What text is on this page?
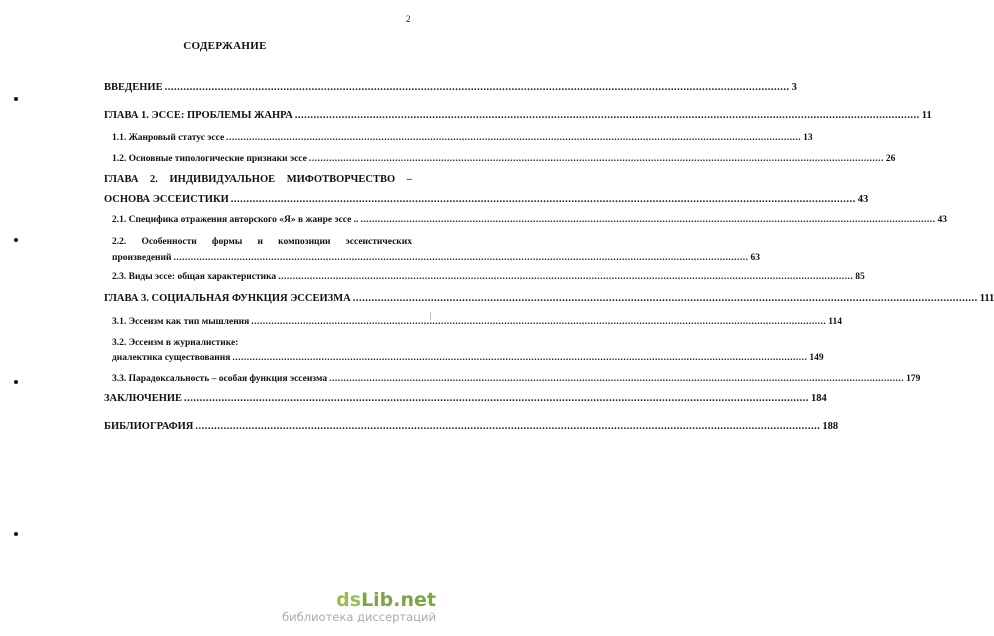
2
СОДЕРЖАНИЕ
ВВЕДЕНИЕ ........................................................................................................................................................................................................ 3
ГЛАВА 1. ЭССЕ: ПРОБЛЕМЫ ЖАНРА ........................................................................................................................................................................................................ 11
1.1. Жанровый статус эссе ........................................................................................................................................................................................................ 13
1.2. Основные типологические признаки эссе ........................................................................................................................................................................................................ 26
ГЛАВА 2. ИНДИВИДУАЛЬНОЕ МИФОТВОРЧЕСТВО –
ОСНОВА ЭССЕИСТИКИ ........................................................................................................................................................................................................ 43
2.1. Специфика отражения авторского «Я» в жанре эссе .. ........................................................................................................................................................................................................ 43
2.2. Особенности формы и композиции эссеистических
произведений ........................................................................................................................................................................................................ 63
2.3. Виды эссе: общая характеристика ........................................................................................................................................................................................................ 85
ГЛАВА 3. СОЦИАЛЬНАЯ ФУНКЦИЯ ЭССЕИЗМА ........................................................................................................................................................................................................ 111
3.1. Эссеизм как тип мышления ........................................................................................................................................................................................................ 114
3.2. Эссеизм в журналистике:
диалектика существования ........................................................................................................................................................................................................ 149
3.3. Парадоксальность – особая функция эссеизма ........................................................................................................................................................................................................ 179
ЗАКЛЮЧЕНИЕ ........................................................................................................................................................................................................ 184
БИБЛИОГРАФИЯ ........................................................................................................................................................................................................ 188
dsLib.net
библиотека диссертаций
